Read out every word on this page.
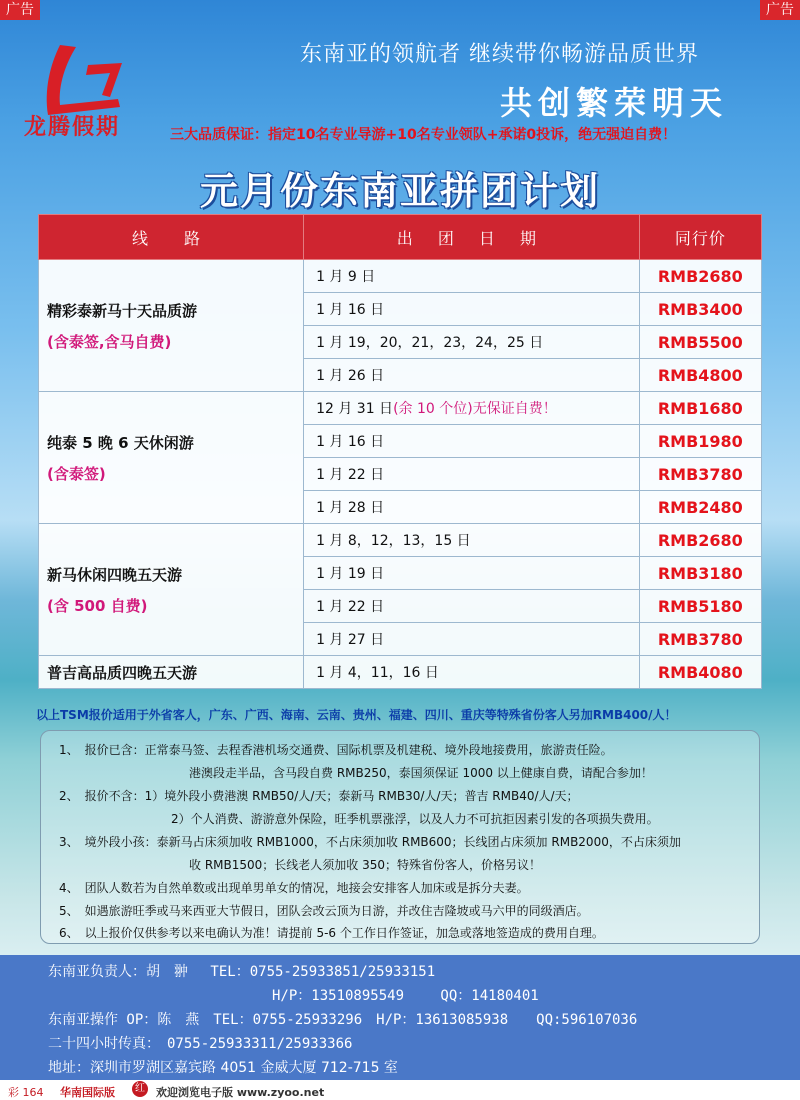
广告	广告
龙腾假期
东南亚的领航者 继续带你畅游品质世界
共创繁荣明天
三大品质保证：指定10名专业导游+10名专业领队+承诺0投诉，绝无强迫自费！
元月份东南亚拼团计划
线　路	出 团 日 期	同行价

精彩泰新马十天品质游
(含泰签,含马自费)	1 月 9 日	RMB2680
	1 月 16 日	RMB3400
	1 月 19，20，21，23，24，25 日	RMB5500
	1 月 26 日	RMB4800

纯泰 5 晚 6 天休闲游
(含泰签)	12 月 31 日(余 10 个位)无保证自费！	RMB1680
	1 月 16 日	RMB1980
	1 月 22 日	RMB3780
	1 月 28 日	RMB2480

新马休闲四晚五天游
(含 500 自费)	1 月 8，12，13，15 日	RMB2680
	1 月 19 日	RMB3180
	1 月 22 日	RMB5180
	1 月 27 日	RMB3780

普吉高品质四晚五天游	1 月 4，11，16 日	RMB4080
以上TSM报价适用于外省客人，广东、广西、海南、云南、贵州、福建、四川、重庆等特殊省份客人另加RMB400/人！
1、　报价已含：正常泰马签、去程香港机场交通费、国际机票及机建税、境外段地接费用，旅游责任险。
港澳段走半品，含马段自费 RMB250，泰国须保证 1000 以上健康自费，请配合参加！
2、　报价不含：1）境外段小费港澳 RMB50/人/天；泰新马 RMB30/人/天；普吉 RMB40/人/天；
2）个人消费、游游意外保险，旺季机票涨浮，以及人力不可抗拒因素引发的各项损失费用。
3、　境外段小孩：泰新马占床须加收 RMB1000，不占床须加收 RMB600；长线团占床须加 RMB2000，不占床须加
收 RMB1500；长线老人须加收 350；特殊省份客人，价格另议！
4、　团队人数若为自然单数或出现单男单女的情况，地接会安排客人加床或是拆分夫妻。
5、　如遇旅游旺季或马来西亚大节假日，团队会改云顶为日游，并改住吉隆坡或马六甲的同级酒店。
6、　以上报价仅供参考以来电确认为准！请提前 5-6 个工作日作签证，加急或落地签造成的费用自理。
东南亚负责人：胡　翀　 TEL：0755-25933851/25933151
H/P：13510895549　　 QQ：14180401
东南亚操作 OP：陈　燕　TEL：0755-25933296　H/P：13613085938　　QQ:596107036
二十四小时传真：　0755-25933311/25933366
地址：深圳市罗湖区嘉宾路 4051 金威大厦 712-715 室
彩 164 华南国际版	红 欢迎浏览电子版 www.zyoo.net
